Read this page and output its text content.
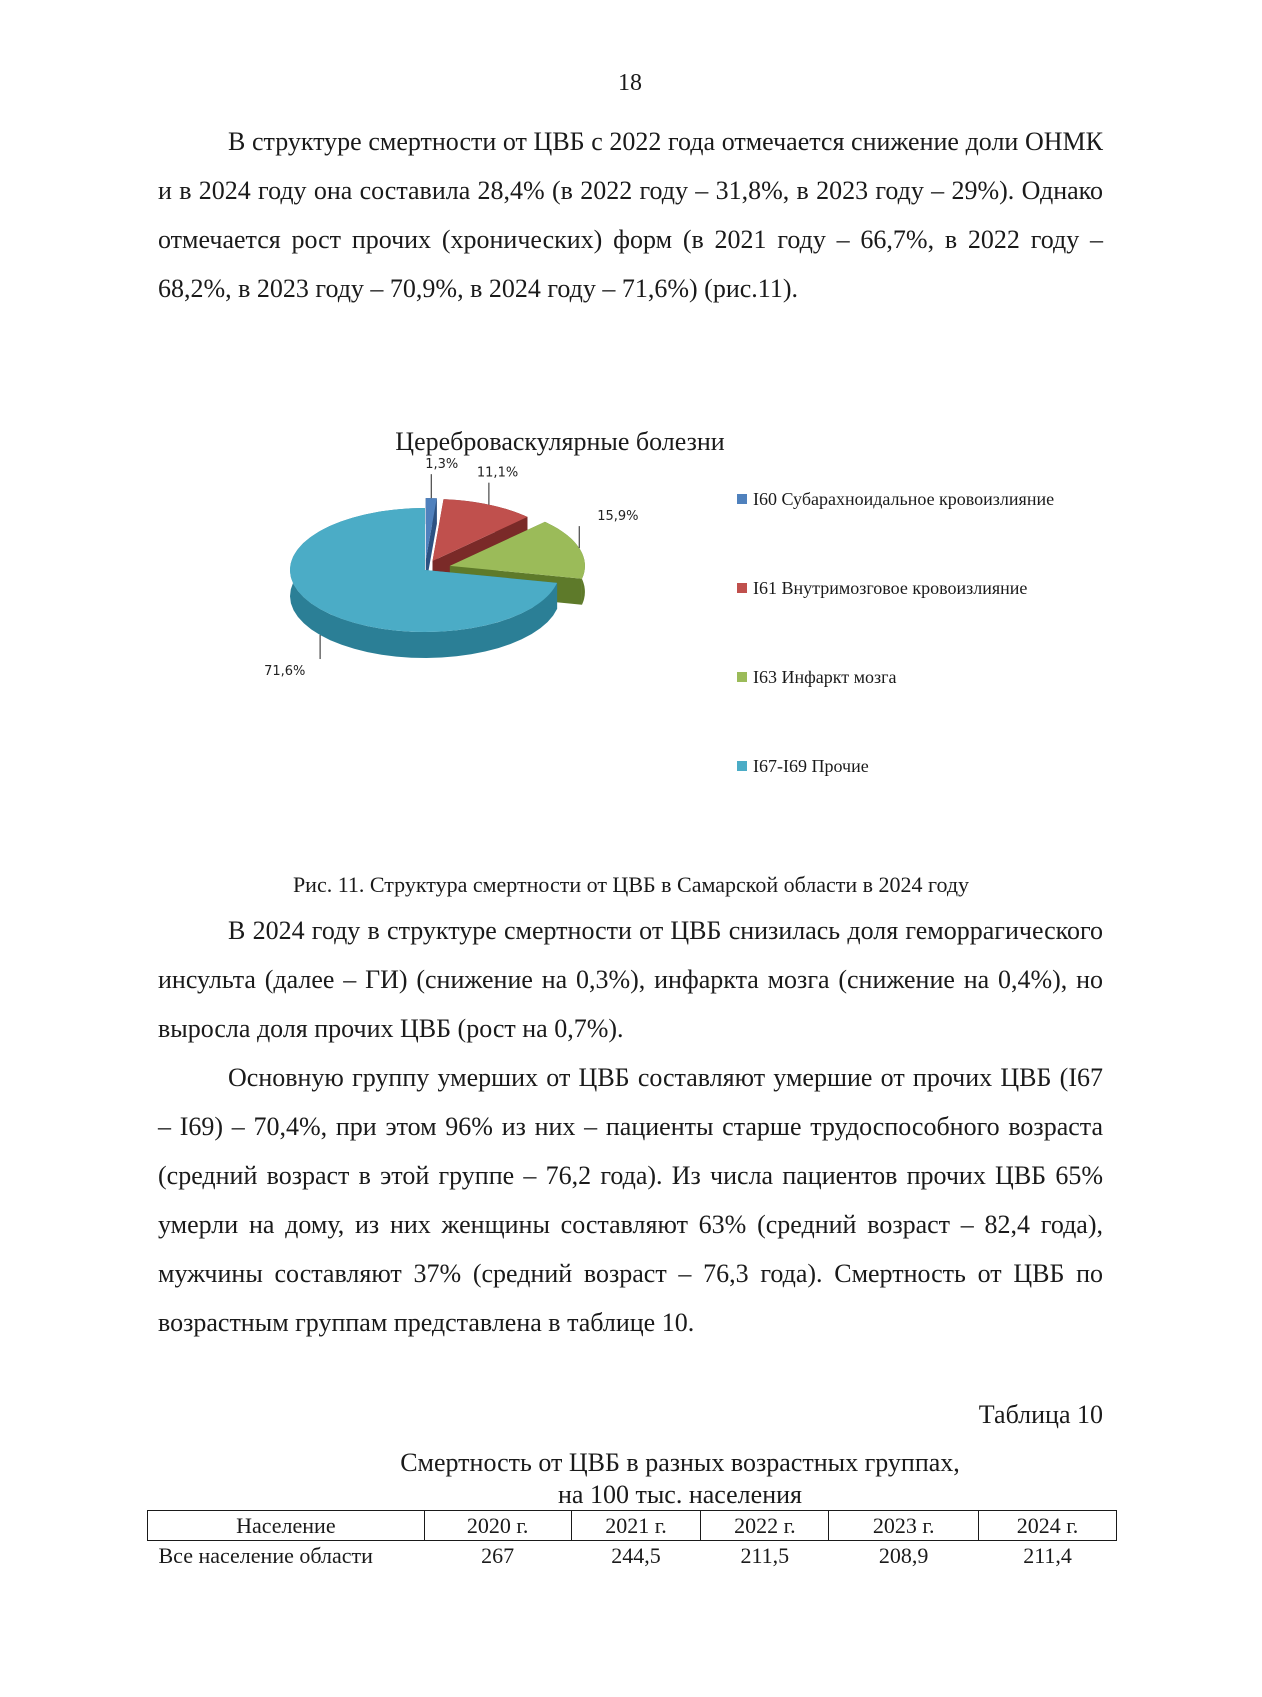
18

В структуре смертности от ЦВБ с 2022 года отмечается снижение доли ОНМК и в 2024 году она составила 28,4% (в 2022 году – 31,8%, в 2023 году – 29%). Однако отмечается рост прочих (хронических) форм (в 2021 году – 66,7%, в 2022 году – 68,2%, в 2023 году – 70,9%, в 2024 году – 71,6%) (рис.11).

Цереброваскулярные болезни
1,3%
11,1%
15,9%
71,6%
I60 Субарахноидальное кровоизлияние
I61 Внутримозговое кровоизлияние
I63 Инфаркт мозга
I67-I69 Прочие
Рис. 11. Структура смертности от ЦВБ в Самарской области в 2024 году

В 2024 году в структуре смертности от ЦВБ снизилась доля геморрагического инсульта (далее – ГИ) (снижение на 0,3%), инфаркта мозга (снижение на 0,4%), но выросла доля прочих ЦВБ (рост на 0,7%).

Основную группу умерших от ЦВБ составляют умершие от прочих ЦВБ (I67 – I69) – 70,4%, при этом 96% из них – пациенты старше трудоспособного возраста (средний возраст в этой группе – 76,2 года). Из числа пациентов прочих ЦВБ 65% умерли на дому, из них женщины составляют 63% (средний возраст – 82,4 года), мужчины составляют 37% (средний возраст – 76,3 года). Смертность от ЦВБ по возрастным группам представлена в таблице 10.

Таблица 10
Смертность от ЦВБ в разных возрастных группах,
на 100 тыс. населения
Население	2020 г.	2021 г.	2022 г.	2023 г.	2024 г.
Все население области	267	244,5	211,5	208,9	211,4
